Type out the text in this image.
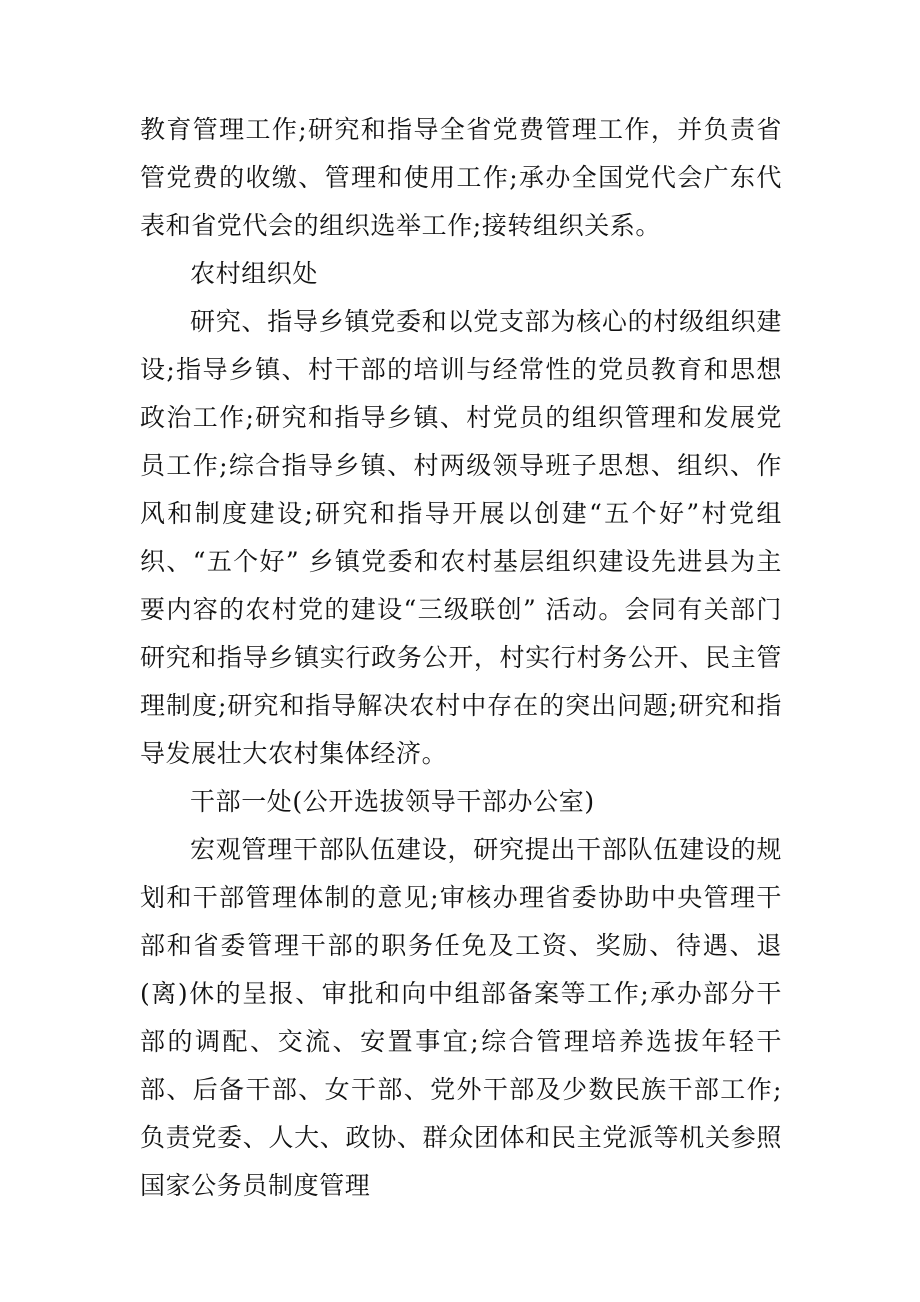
教育管理工作;研究和指导全省党费管理工作，并负责省管党费的收缴、管理和使用工作;承办全国党代会广东代表和省党代会的组织选举工作;接转组织关系。

农村组织处

研究、指导乡镇党委和以党支部为核心的村级组织建设;指导乡镇、村干部的培训与经常性的党员教育和思想政治工作;研究和指导乡镇、村党员的组织管理和发展党员工作;综合指导乡镇、村两级领导班子思想、组织、作风和制度建设;研究和指导开展以创建“五个好”村党组织、“五个好” 乡镇党委和农村基层组织建设先进县为主要内容的农村党的建设“三级联创” 活动。会同有关部门研究和指导乡镇实行政务公开，村实行村务公开、民主管理制度;研究和指导解决农村中存在的突出问题;研究和指导发展壮大农村集体经济。

干部一处(公开选拔领导干部办公室)

宏观管理干部队伍建设，研究提出干部队伍建设的规划和干部管理体制的意见;审核办理省委协助中央管理干部和省委管理干部的职务任免及工资、奖励、待遇、退(离)休的呈报、审批和向中组部备案等工作;承办部分干部的调配、交流、安置事宜;综合管理培养选拔年轻干部、后备干部、女干部、党外干部及少数民族干部工作;负责党委、人大、政协、群众团体和民主党派等机关参照国家公务员制度管理
